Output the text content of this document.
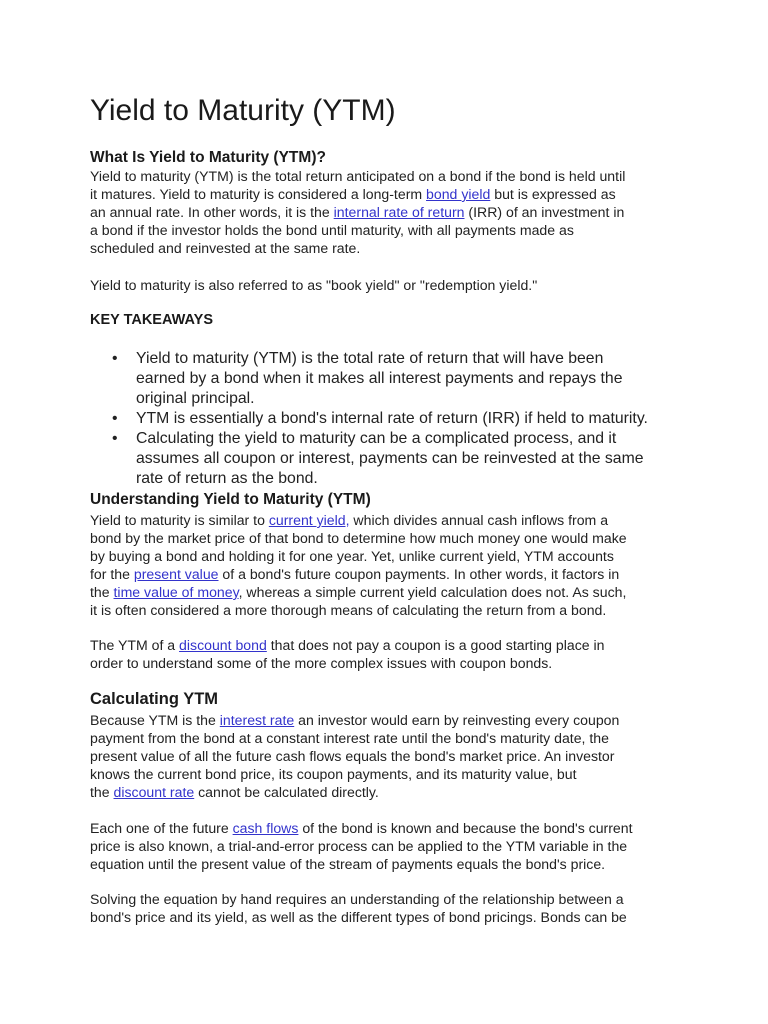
Yield to Maturity (YTM)
What Is Yield to Maturity (YTM)?
Yield to maturity (YTM) is the total return anticipated on a bond if the bond is held until
it matures. Yield to maturity is considered a long-term bond yield but is expressed as
an annual rate. In other words, it is the internal rate of return (IRR) of an investment in
a bond if the investor holds the bond until maturity, with all payments made as
scheduled and reinvested at the same rate.
Yield to maturity is also referred to as "book yield" or "redemption yield."
KEY TAKEAWAYS
• Yield to maturity (YTM) is the total rate of return that will have been
earned by a bond when it makes all interest payments and repays the
original principal.
• YTM is essentially a bond's internal rate of return (IRR) if held to maturity.
• Calculating the yield to maturity can be a complicated process, and it
assumes all coupon or interest, payments can be reinvested at the same
rate of return as the bond.
Understanding Yield to Maturity (YTM)
Yield to maturity is similar to current yield, which divides annual cash inflows from a
bond by the market price of that bond to determine how much money one would make
by buying a bond and holding it for one year. Yet, unlike current yield, YTM accounts
for the present value of a bond's future coupon payments. In other words, it factors in
the time value of money, whereas a simple current yield calculation does not. As such,
it is often considered a more thorough means of calculating the return from a bond.
The YTM of a discount bond that does not pay a coupon is a good starting place in
order to understand some of the more complex issues with coupon bonds.
Calculating YTM
Because YTM is the interest rate an investor would earn by reinvesting every coupon
payment from the bond at a constant interest rate until the bond's maturity date, the
present value of all the future cash flows equals the bond's market price. An investor
knows the current bond price, its coupon payments, and its maturity value, but
the discount rate cannot be calculated directly.
Each one of the future cash flows of the bond is known and because the bond's current
price is also known, a trial-and-error process can be applied to the YTM variable in the
equation until the present value of the stream of payments equals the bond's price.
Solving the equation by hand requires an understanding of the relationship between a
bond's price and its yield, as well as the different types of bond pricings. Bonds can be
